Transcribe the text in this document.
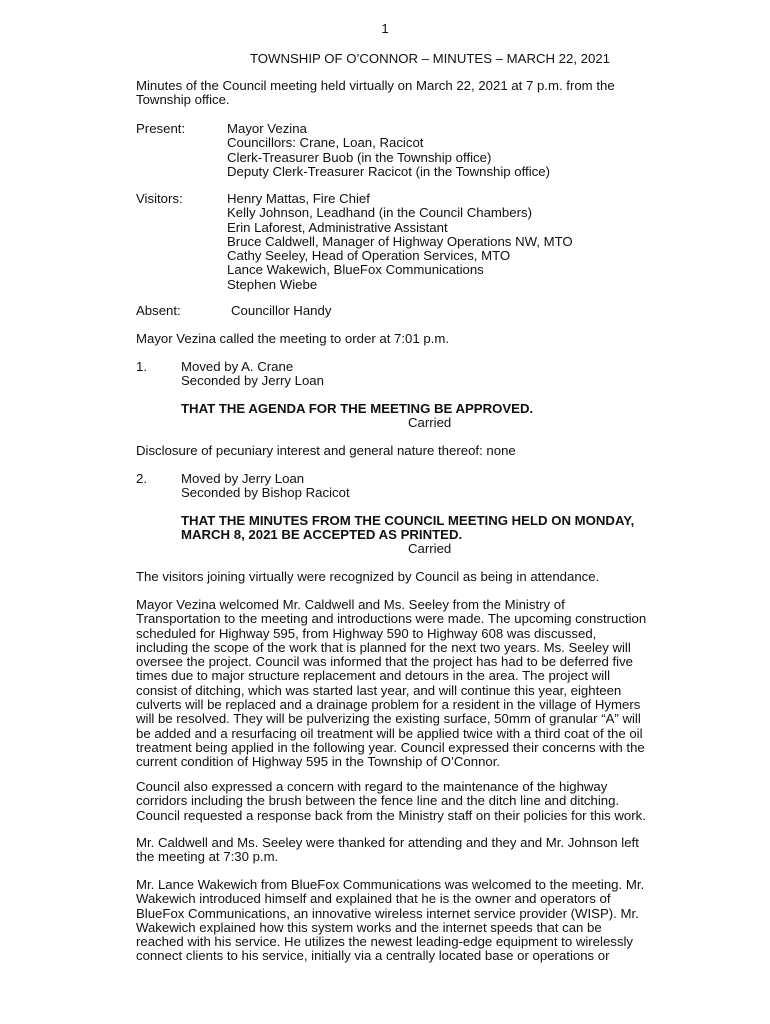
1
TOWNSHIP OF O’CONNOR – MINUTES – MARCH 22, 2021
Minutes of the Council meeting held virtually on March 22, 2021 at 7 p.m. from the
Township office.
Present:	Mayor Vezina
Councillors: Crane, Loan, Racicot
Clerk-Treasurer Buob (in the Township office)
Deputy Clerk-Treasurer Racicot (in the Township office)
Visitors:	Henry Mattas, Fire Chief
Kelly Johnson, Leadhand (in the Council Chambers)
Erin Laforest, Administrative Assistant
Bruce Caldwell, Manager of Highway Operations NW, MTO
Cathy Seeley, Head of Operation Services, MTO
Lance Wakewich, BlueFox Communications
Stephen Wiebe
Absent:	Councillor Handy
Mayor Vezina called the meeting to order at 7:01 p.m.
1.	Moved by A. Crane
Seconded by Jerry Loan
THAT THE AGENDA FOR THE MEETING BE APPROVED.
Carried
Disclosure of pecuniary interest and general nature thereof: none
2.	Moved by Jerry Loan
Seconded by Bishop Racicot
THAT THE MINUTES FROM THE COUNCIL MEETING HELD ON MONDAY,
MARCH 8, 2021 BE ACCEPTED AS PRINTED.
Carried
The visitors joining virtually were recognized by Council as being in attendance.
Mayor Vezina welcomed Mr. Caldwell and Ms. Seeley from the Ministry of
Transportation to the meeting and introductions were made. The upcoming construction
scheduled for Highway 595, from Highway 590 to Highway 608 was discussed,
including the scope of the work that is planned for the next two years. Ms. Seeley will
oversee the project. Council was informed that the project has had to be deferred five
times due to major structure replacement and detours in the area. The project will
consist of ditching, which was started last year, and will continue this year, eighteen
culverts will be replaced and a drainage problem for a resident in the village of Hymers
will be resolved. They will be pulverizing the existing surface, 50mm of granular “A” will
be added and a resurfacing oil treatment will be applied twice with a third coat of the oil
treatment being applied in the following year. Council expressed their concerns with the
current condition of Highway 595 in the Township of O’Connor.
Council also expressed a concern with regard to the maintenance of the highway
corridors including the brush between the fence line and the ditch line and ditching.
Council requested a response back from the Ministry staff on their policies for this work.
Mr. Caldwell and Ms. Seeley were thanked for attending and they and Mr. Johnson left
the meeting at 7:30 p.m.
Mr. Lance Wakewich from BlueFox Communications was welcomed to the meeting. Mr.
Wakewich introduced himself and explained that he is the owner and operators of
BlueFox Communications, an innovative wireless internet service provider (WISP). Mr.
Wakewich explained how this system works and the internet speeds that can be
reached with his service. He utilizes the newest leading-edge equipment to wirelessly
connect clients to his service, initially via a centrally located base or operations or
